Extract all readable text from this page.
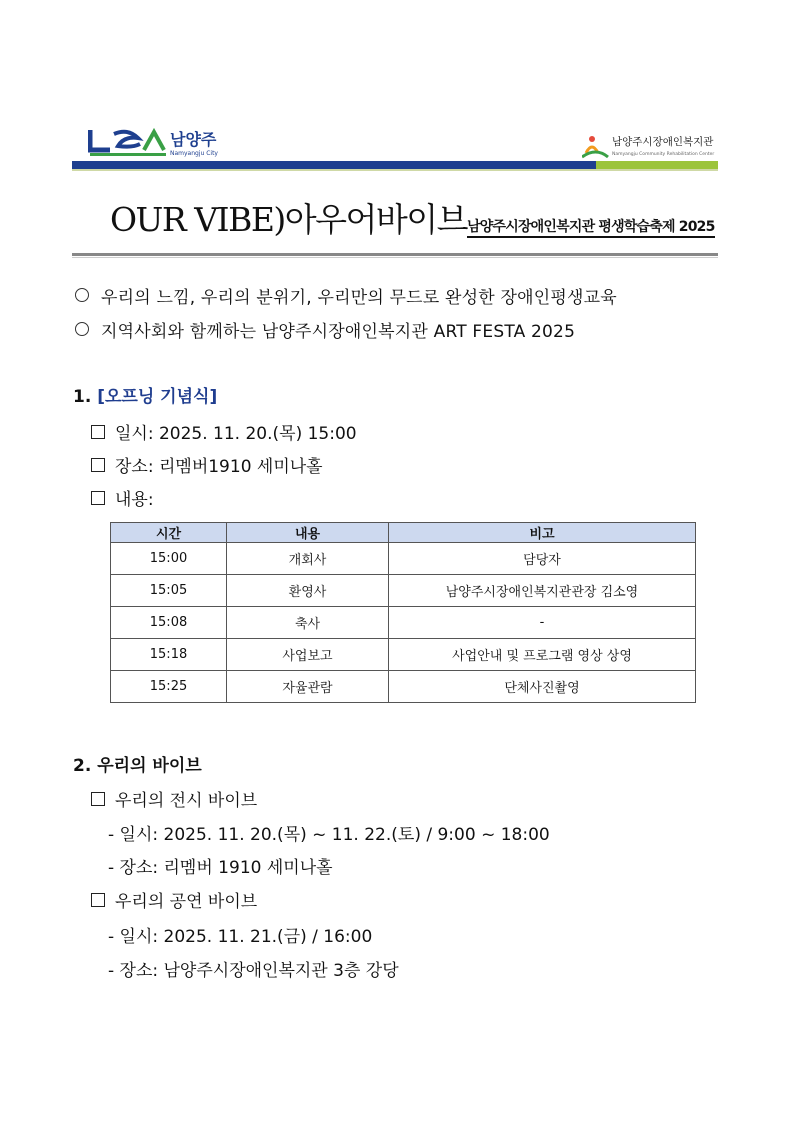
남양주
Namyangju City
남양주시장애인복지관
Namyangju Community Rehabilitation Center
OUR VIBE)아우어바이브남양주시장애인복지관 평생학습축제 2025
우리의 느낌, 우리의 분위기, 우리만의 무드로 완성한 장애인평생교육
지역사회와 함께하는 남양주시장애인복지관 ART FESTA 2025
1. [오프닝 기념식]
일시: 2025. 11. 20.(목) 15:00
장소: 리멤버1910 세미나홀
내용:
시간	내용	비고
15:00	개회사	담당자
15:05	환영사	남양주시장애인복지관관장 김소영
15:08	축사	-
15:18	사업보고	사업안내 및 프로그램 영상 상영
15:25	자율관람	단체사진촬영
2. 우리의 바이브
우리의 전시 바이브
- 일시: 2025. 11. 20.(목) ~ 11. 22.(토) / 9:00 ~ 18:00
- 장소: 리멤버 1910 세미나홀
우리의 공연 바이브
- 일시: 2025. 11. 21.(금) / 16:00
- 장소: 남양주시장애인복지관 3층 강당
